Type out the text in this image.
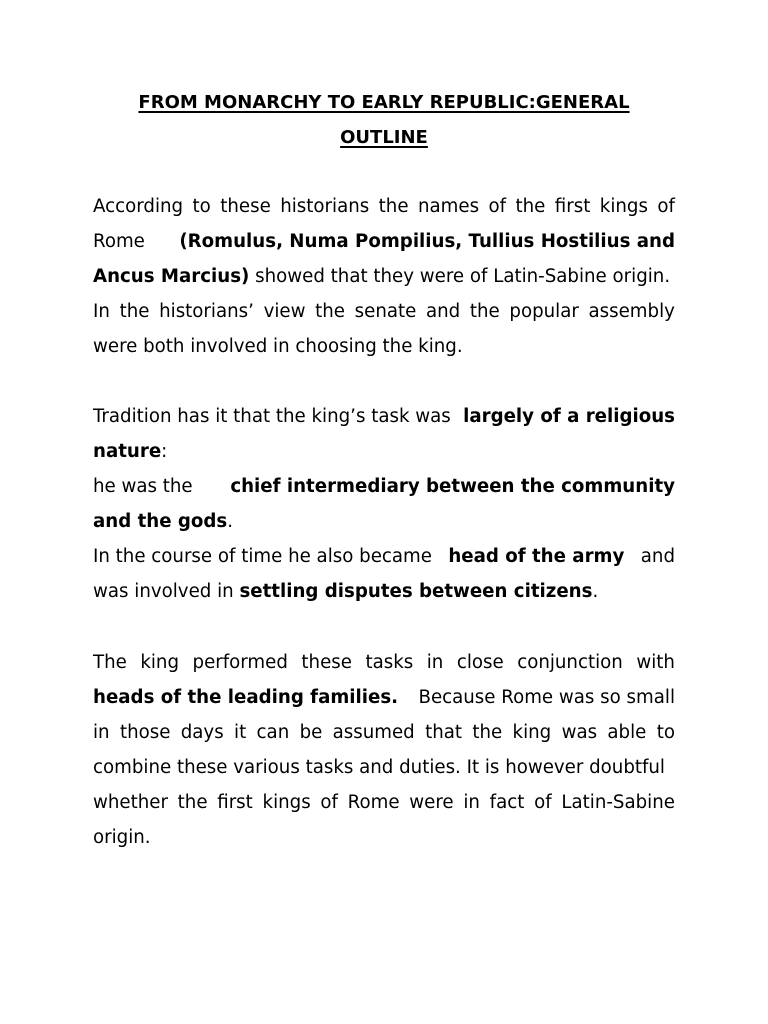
FROM MONARCHY TO EARLY REPUBLIC:GENERAL
OUTLINE
According to these historians the names of the first kings of
Rome (Romulus, Numa Pompilius, Tullius Hostilius and
Ancus Marcius) showed that they were of Latin-Sabine origin.
In the historians’ view the senate and the popular assembly
were both involved in choosing the king.
Tradition has it that the king’s task was largely of a religious
nature:
he was the chief intermediary between the community
and the gods.
In the course of time he also became head of the army and
was involved in settling disputes between citizens.
The king performed these tasks in close conjunction with
heads of the leading families. Because Rome was so small
in those days it can be assumed that the king was able to
combine these various tasks and duties. It is however doubtful
whether the first kings of Rome were in fact of Latin-Sabine
origin.
